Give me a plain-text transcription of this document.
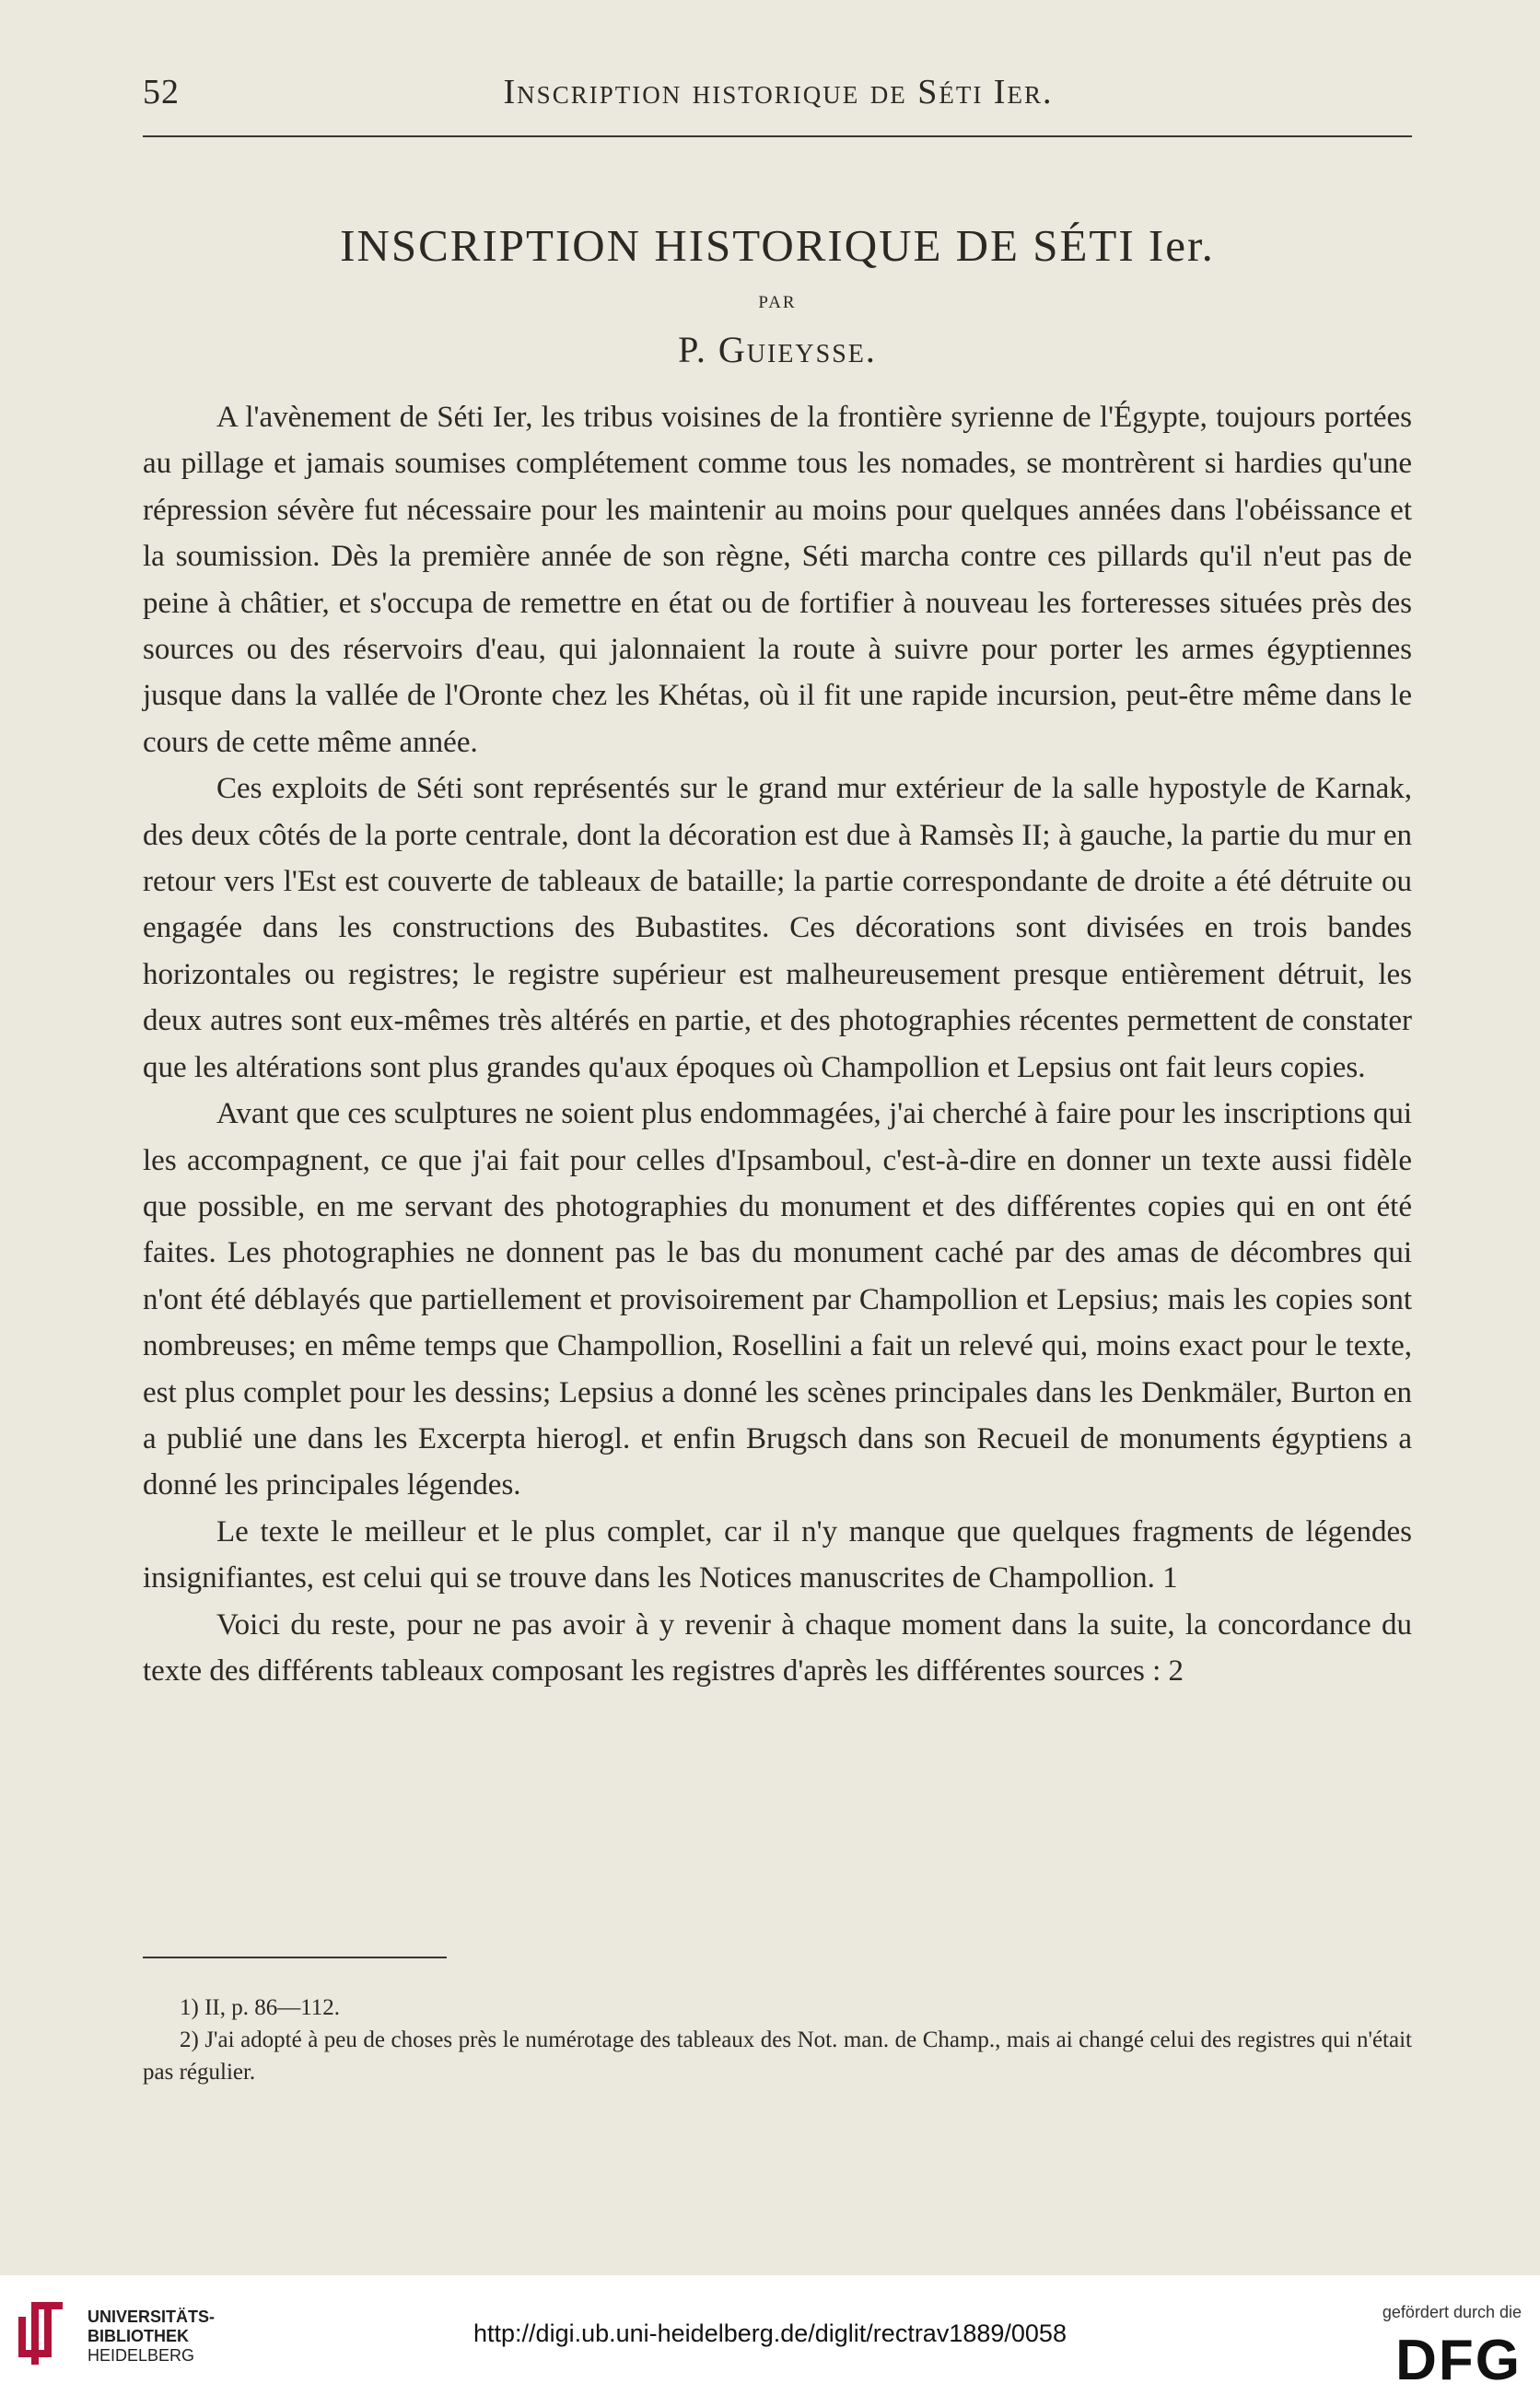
52	Inscription historique de Séti Ier.
INSCRIPTION HISTORIQUE DE SÉTI Ier.
PAR
P. Guieysse.

A l'avènement de Séti Ier, les tribus voisines de la frontière syrienne de l'Égypte, toujours portées au pillage et jamais soumises complétement comme tous les nomades, se montrèrent si hardies qu'une répression sévère fut nécessaire pour les maintenir au moins pour quelques années dans l'obéissance et la soumission. Dès la première année de son règne, Séti marcha contre ces pillards qu'il n'eut pas de peine à châtier, et s'occupa de remettre en état ou de fortifier à nouveau les forteresses situées près des sources ou des réservoirs d'eau, qui jalonnaient la route à suivre pour porter les armes égyptiennes jusque dans la vallée de l'Oronte chez les Khétas, où il fit une rapide incursion, peut-être même dans le cours de cette même année.

Ces exploits de Séti sont représentés sur le grand mur extérieur de la salle hypostyle de Karnak, des deux côtés de la porte centrale, dont la décoration est due à Ramsès II; à gauche, la partie du mur en retour vers l'Est est couverte de tableaux de bataille; la partie correspondante de droite a été détruite ou engagée dans les constructions des Bubastites. Ces décorations sont divisées en trois bandes horizontales ou registres; le registre supérieur est malheureusement presque entièrement détruit, les deux autres sont eux-mêmes très altérés en partie, et des photographies récentes permettent de constater que les altérations sont plus grandes qu'aux époques où Champollion et Lepsius ont fait leurs copies.

Avant que ces sculptures ne soient plus endommagées, j'ai cherché à faire pour les inscriptions qui les accompagnent, ce que j'ai fait pour celles d'Ipsamboul, c'est-à-dire en donner un texte aussi fidèle que possible, en me servant des photographies du monument et des différentes copies qui en ont été faites. Les photographies ne donnent pas le bas du monument caché par des amas de décombres qui n'ont été déblayés que partiellement et provisoirement par Champollion et Lepsius; mais les copies sont nombreuses; en même temps que Champollion, Rosellini a fait un relevé qui, moins exact pour le texte, est plus complet pour les dessins; Lepsius a donné les scènes principales dans les Denkmäler, Burton en a publié une dans les Excerpta hierogl. et enfin Brugsch dans son Recueil de monuments égyptiens a donné les principales légendes.

Le texte le meilleur et le plus complet, car il n'y manque que quelques fragments de légendes insignifiantes, est celui qui se trouve dans les Notices manuscrites de Champollion. 1

Voici du reste, pour ne pas avoir à y revenir à chaque moment dans la suite, la concordance du texte des différents tableaux composant les registres d'après les différentes sources : 2

1) II, p. 86—112.

2) J'ai adopté à peu de choses près le numérotage des tableaux des Not. man. de Champ., mais ai changé celui des registres qui n'était pas régulier.

UNIVERSITÄTS-
BIBLIOTHEK
HEIDELBERG
http://digi.ub.uni-heidelberg.de/diglit/rectrav1889/0058
gefördert durch die
DFG
